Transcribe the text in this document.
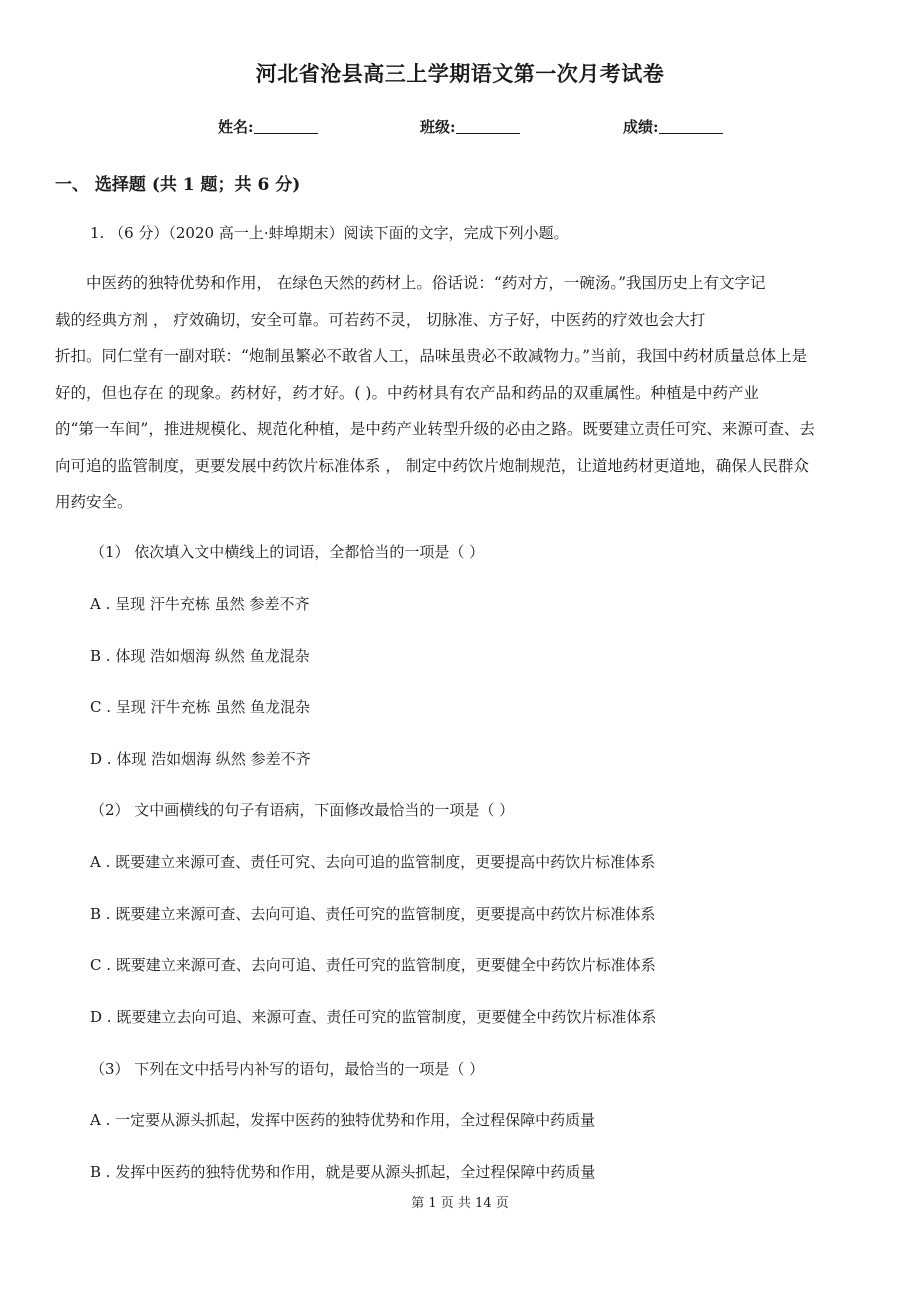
河北省沧县高三上学期语文第一次月考试卷
姓名:	班级:	成绩:
一、 选择题 (共 1 题；共 6 分)
1. （6 分）（2020 高一上·蚌埠期末）阅读下面的文字，完成下列小题。
中医药的独特优势和作用， 在绿色天然的药材上。俗话说：“药对方，一碗汤。”我国历史上有文字记
载的经典方剂 ， 疗效确切，安全可靠。可若药不灵， 切脉准、方子好，中医药的疗效也会大打
折扣。同仁堂有一副对联：“炮制虽繁必不敢省人工，品味虽贵必不敢减物力。”当前，我国中药材质量总体上是
好的，但也存在 的现象。药材好，药才好。( )。中药材具有农产品和药品的双重属性。种植是中药产业
的“第一车间”，推进规模化、规范化种植，是中药产业转型升级的必由之路。既要建立责任可究、来源可查、去
向可追的监管制度，更要发展中药饮片标准体系 ， 制定中药饮片炮制规范，让道地药材更道地，确保人民群众
用药安全。
（1） 依次填入文中横线上的词语，全都恰当的一项是（ ）
A . 呈现 汗牛充栋 虽然 参差不齐
B . 体现 浩如烟海 纵然 鱼龙混杂
C . 呈现 汗牛充栋 虽然 鱼龙混杂
D . 体现 浩如烟海 纵然 参差不齐
（2） 文中画横线的句子有语病，下面修改最恰当的一项是（ ）
A . 既要建立来源可查、责任可究、去向可追的监管制度，更要提高中药饮片标准体系
B . 既要建立来源可查、去向可追、责任可究的监管制度，更要提高中药饮片标准体系
C . 既要建立来源可查、去向可追、责任可究的监管制度，更要健全中药饮片标准体系
D . 既要建立去向可追、来源可查、责任可究的监管制度，更要健全中药饮片标准体系
（3） 下列在文中括号内补写的语句，最恰当的一项是（ ）
A . 一定要从源头抓起，发挥中医药的独特优势和作用，全过程保障中药质量
B . 发挥中医药的独特优势和作用，就是要从源头抓起，全过程保障中药质量
第 1 页 共 14 页
